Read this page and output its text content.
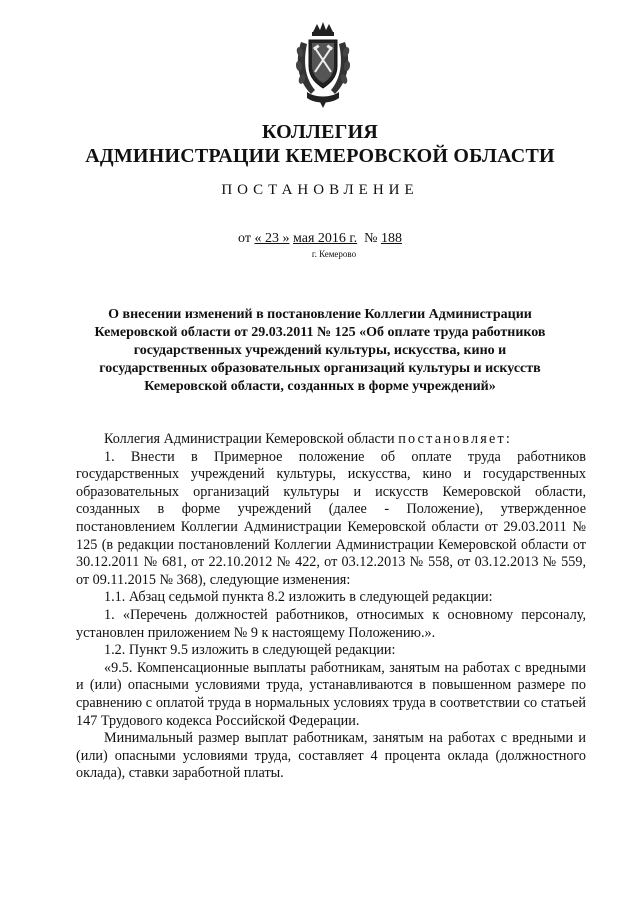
КОЛЛЕГИЯ
АДМИНИСТРАЦИИ КЕМЕРОВСКОЙ ОБЛАСТИ
ПОСТАНОВЛЕНИЕ
от « 23 » мая 2016 г. № 188
г. Кемерово
О внесении изменений в постановление Коллегии Администрации Кемеровской области от 29.03.2011 № 125 «Об оплате труда работников государственных учреждений культуры, искусства, кино и государственных образовательных организаций культуры и искусств Кемеровской области, созданных в форме учреждений»

Коллегия Администрации Кемеровской области постановляет:

1. Внести в Примерное положение об оплате труда работников государственных учреждений культуры, искусства, кино и государственных образовательных организаций культуры и искусств Кемеровской области, созданных в форме учреждений (далее - Положение), утвержденное постановлением Коллегии Администрации Кемеровской области от 29.03.2011 № 125 (в редакции постановлений Коллегии Администрации Кемеровской области от 30.12.2011 № 681, от 22.10.2012 № 422, от 03.12.2013 № 558, от 03.12.2013 № 559, от 09.11.2015 № 368), следующие изменения:

1.1. Абзац седьмой пункта 8.2 изложить в следующей редакции:

1. «Перечень должностей работников, относимых к основному персоналу, установлен приложением № 9 к настоящему Положению.».

1.2. Пункт 9.5 изложить в следующей редакции:

«9.5. Компенсационные выплаты работникам, занятым на работах с вредными и (или) опасными условиями труда, устанавливаются в повышенном размере по сравнению с оплатой труда в нормальных условиях труда в соответствии со статьей 147 Трудового кодекса Российской Федерации.

Минимальный размер выплат работникам, занятым на работах с вредными и (или) опасными условиями труда, составляет 4 процента оклада (должностного оклада), ставки заработной платы.
